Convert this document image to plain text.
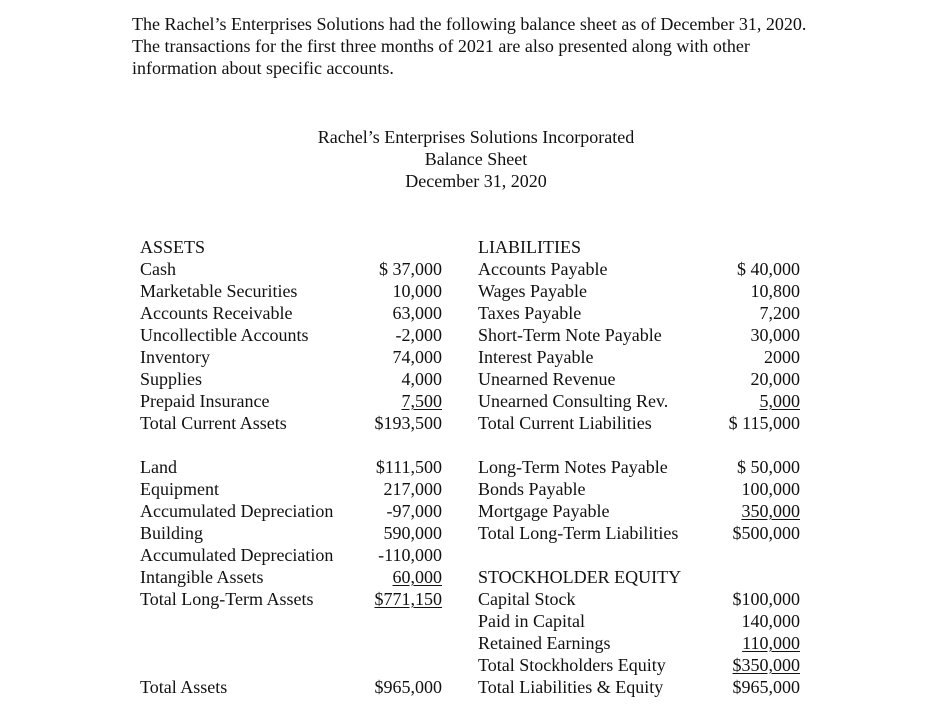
The Rachel’s Enterprises Solutions had the following balance sheet as of December 31, 2020. The transactions for the first three months of 2021 are also presented along with other information about specific accounts.

Rachel’s Enterprises Solutions Incorporated
Balance Sheet
December 31, 2020
ASSETS
Cash	$ 37,000
Marketable Securities	10,000
Accounts Receivable	63,000
Uncollectible Accounts	-2,000
Inventory	74,000
Supplies	4,000
Prepaid Insurance	7,500
Total Current Assets	$193,500
Land	$111,500
Equipment	217,000
Accumulated Depreciation	-97,000
Building	590,000
Accumulated Depreciation -110,000
Intangible Assets	60,000
Total Long-Term Assets	$771,150
Total Assets	$965,000
LIABILITIES
Accounts Payable	$ 40,000
Wages Payable	10,800
Taxes Payable	7,200
Short-Term Note Payable	30,000
Interest Payable	2000
Unearned Revenue	20,000
Unearned Consulting Rev.	5,000
Total Current Liabilities	$ 115,000
Long-Term Notes Payable	$ 50,000
Bonds Payable	100,000
Mortgage Payable	350,000
Total Long-Term Liabilities	$500,000
STOCKHOLDER EQUITY
Capital Stock	$100,000
Paid in Capital	140,000
Retained Earnings	110,000
Total Stockholders Equity	$350,000
Total Liabilities & Equity	$965,000
